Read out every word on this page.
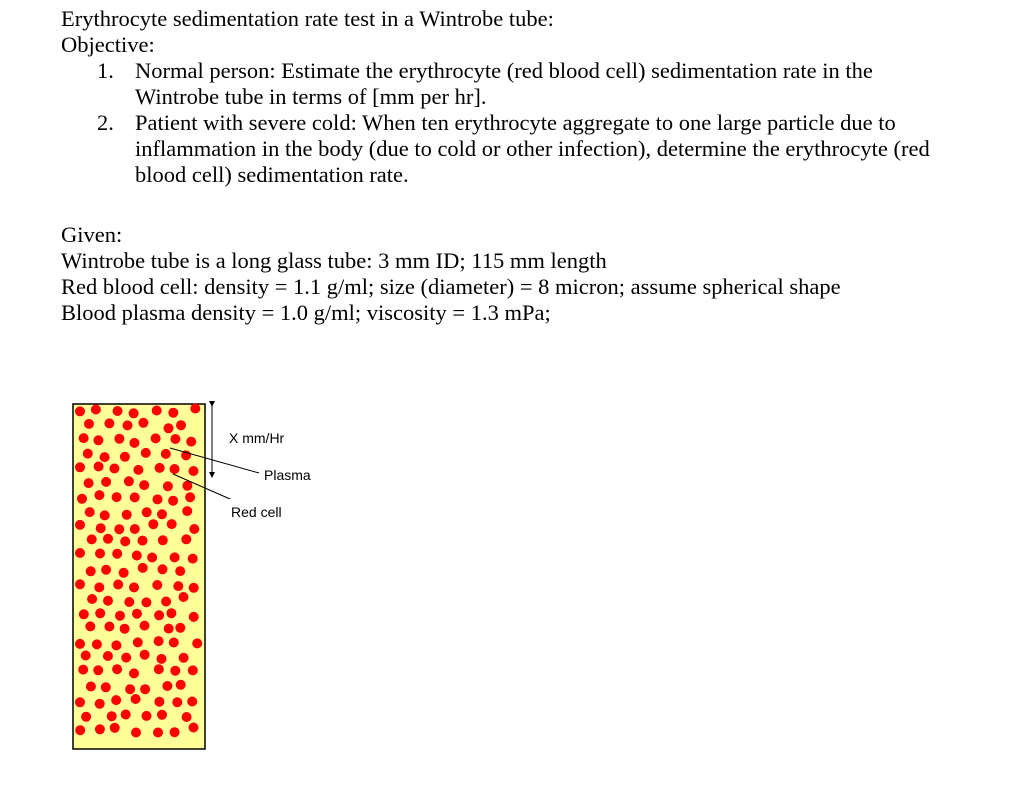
Erythrocyte sedimentation rate test in a Wintrobe tube:
Objective:
1. Normal person: Estimate the erythrocyte (red blood cell) sedimentation rate in the
Wintrobe tube in terms of [mm per hr].
2. Patient with severe cold: When ten erythrocyte aggregate to one large particle due to
inflammation in the body (due to cold or other infection), determine the erythrocyte (red
blood cell) sedimentation rate.
Given:
Wintrobe tube is a long glass tube: 3 mm ID; 115 mm length
Red blood cell: density = 1.1 g/ml; size (diameter) = 8 micron; assume spherical shape
Blood plasma density = 1.0 g/ml; viscosity = 1.3 mPa;
X mm/Hr
Plasma
Red cell
